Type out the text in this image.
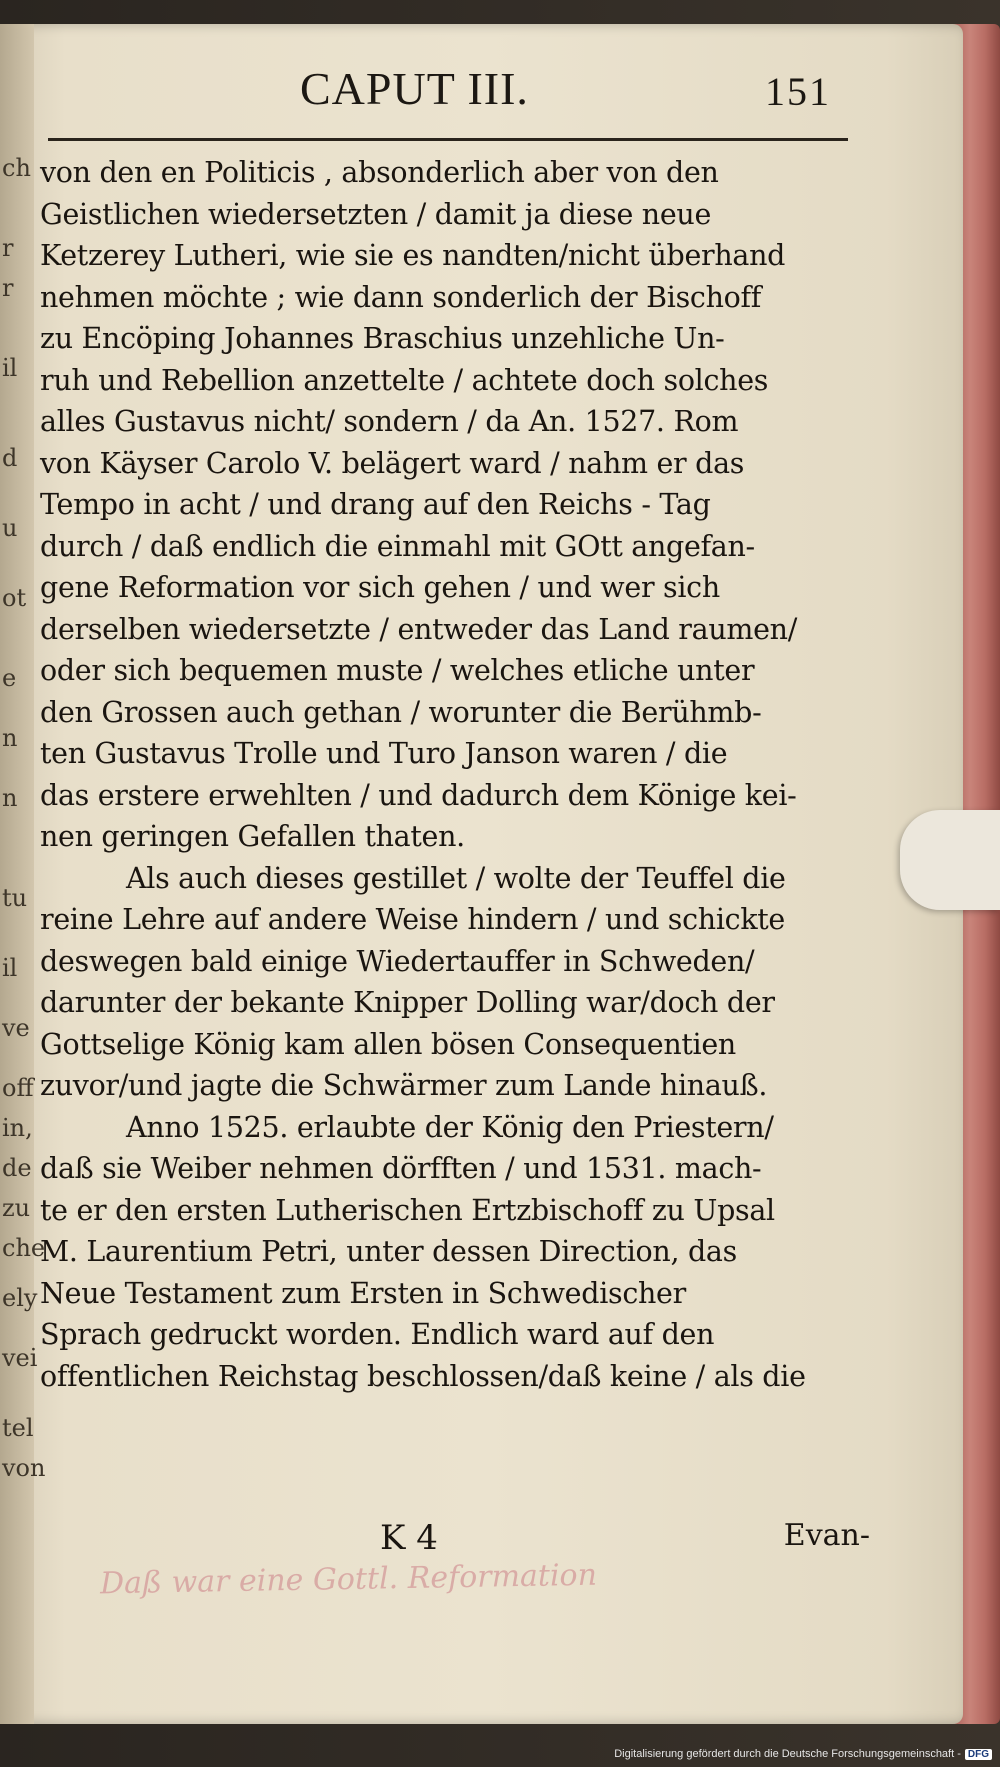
ch
r
r
il
d
u
ot
e
n
n
tu
il
ve
off
in,
de
zu
che
ely
vei
tel
von
CAPUT III.	151
von den en Politicis , absonderlich aber von den
Geistlichen wiedersetzten / damit ja diese neue
Ketzerey Lutheri, wie sie es nandten/nicht überhand
nehmen möchte ; wie dann sonderlich der Bischoff
zu Encöping Johannes Braschius unzehliche Un-
ruh und Rebellion anzettelte / achtete doch solches
alles Gustavus nicht/ sondern / da An. 1527. Rom
von Käyser Carolo V. belägert ward / nahm er das
Tempo in acht / und drang auf den Reichs - Tag
durch / daß endlich die einmahl mit GOtt angefan-
gene Reformation vor sich gehen / und wer sich
derselben wiedersetzte / entweder das Land raumen/
oder sich bequemen muste / welches etliche unter
den Grossen auch gethan / worunter die Berühmb-
ten Gustavus Trolle und Turo Janson waren / die
das erstere erwehlten / und dadurch dem Könige kei-
nen geringen Gefallen thaten.
Als auch dieses gestillet / wolte der Teuffel die
reine Lehre auf andere Weise hindern / und schickte
deswegen bald einige Wiedertauffer in Schweden/
darunter der bekante Knipper Dolling war/doch der
Gottselige König kam allen bösen Consequentien
zuvor/und jagte die Schwärmer zum Lande hinauß.
Anno 1525. erlaubte der König den Priestern/
daß sie Weiber nehmen dörfften / und 1531. mach-
te er den ersten Lutherischen Ertzbischoff zu Upsal
M. Laurentium Petri, unter dessen Direction, das
Neue Testament zum Ersten in Schwedischer
Sprach gedruckt worden. Endlich ward auf den
offentlichen Reichstag beschlossen/daß keine / als die
K 4	Evan-
Daß war eine Gottl. Reformation
Digitalisierung gefördert durch die Deutsche Forschungsgemeinschaft - DFG
